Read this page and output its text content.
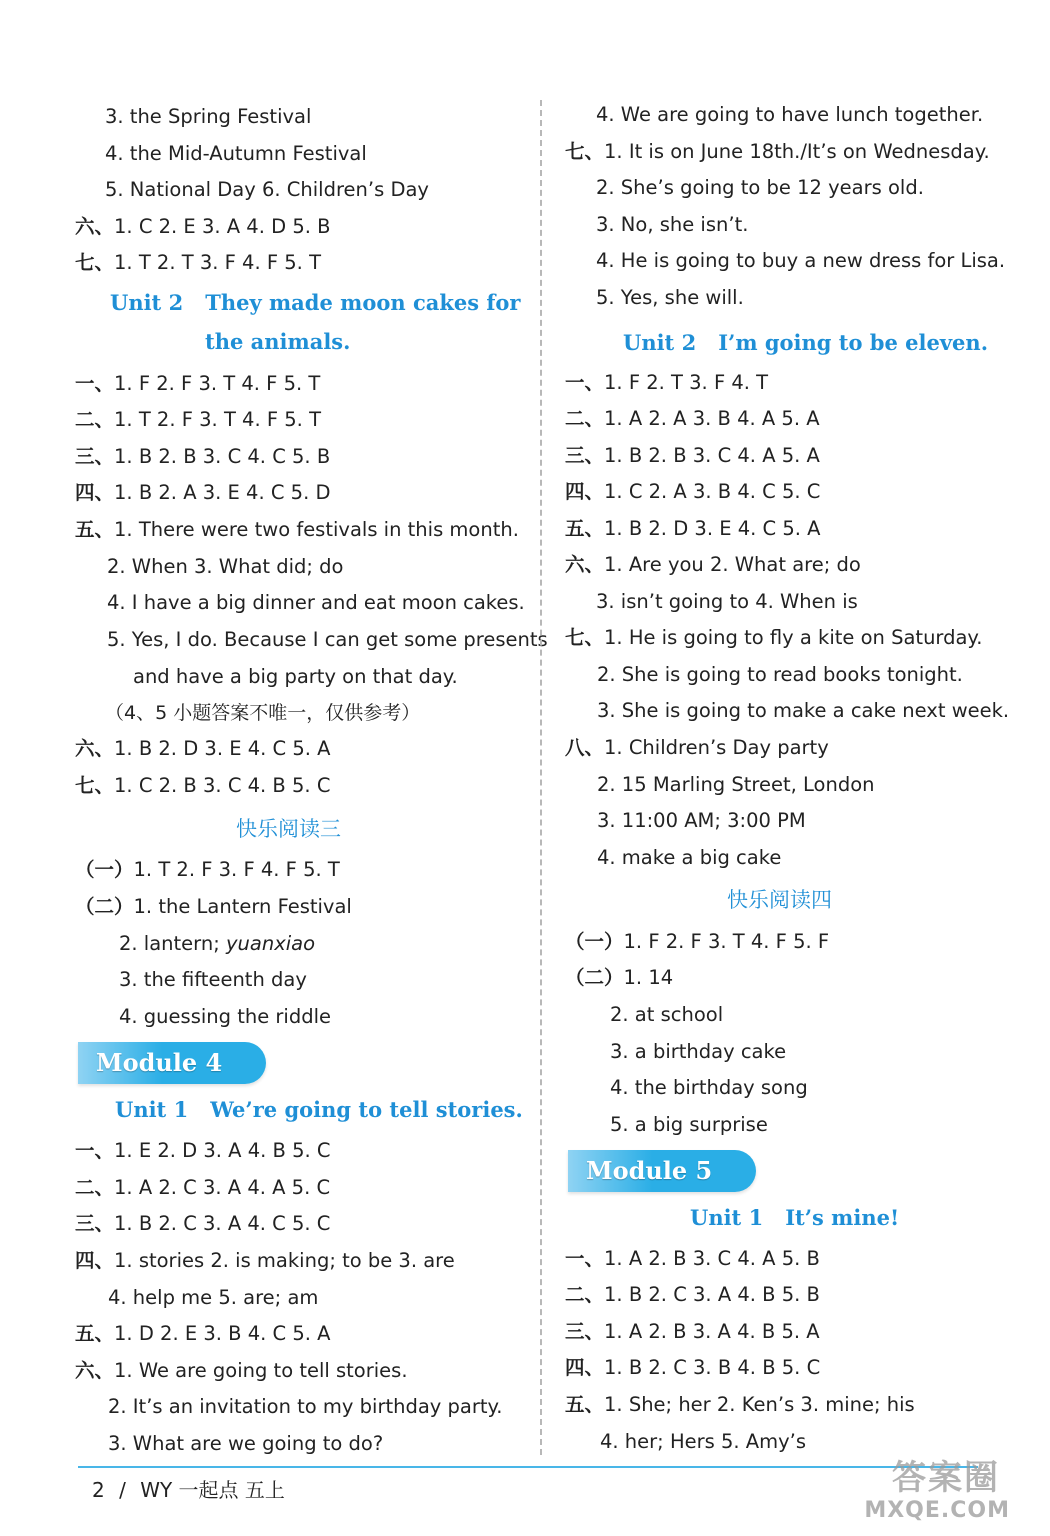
3. the Spring Festival
4. the Mid-Autumn Festival
5. National Day 6. Children’s Day
六、1. C 2. E 3. A 4. D 5. B
七、1. T 2. T 3. F 4. F 5. T
Unit 2 They made moon cakes for
the animals.
一、1. F 2. F 3. T 4. F 5. T
二、1. T 2. F 3. T 4. F 5. T
三、1. B 2. B 3. C 4. C 5. B
四、1. B 2. A 3. E 4. C 5. D
五、1. There were two festivals in this month.
2. When 3. What did; do
4. I have a big dinner and eat moon cakes.
5. Yes, I do. Because I can get some presents
and have a big party on that day.
（4、5 小题答案不唯一，仅供参考）
六、1. B 2. D 3. E 4. C 5. A
七、1. C 2. B 3. C 4. B 5. C
快乐阅读三
（一）1. T 2. F 3. F 4. F 5. T
（二）1. the Lantern Festival
2. lantern; yuanxiao
3. the fifteenth day
4. guessing the riddle
Module 4
Unit 1 We’re going to tell stories.
一、1. E 2. D 3. A 4. B 5. C
二、1. A 2. C 3. A 4. A 5. C
三、1. B 2. C 3. A 4. C 5. C
四、1. stories 2. is making; to be 3. are
4. help me 5. are; am
五、1. D 2. E 3. B 4. C 5. A
六、1. We are going to tell stories.
2. It’s an invitation to my birthday party.
3. What are we going to do?
4. We are going to have lunch together.
七、1. It is on June 18th./It’s on Wednesday.
2. She’s going to be 12 years old.
3. No, she isn’t.
4. He is going to buy a new dress for Lisa.
5. Yes, she will.
Unit 2 I’m going to be eleven.
一、1. F 2. T 3. F 4. T
二、1. A 2. A 3. B 4. A 5. A
三、1. B 2. B 3. C 4. A 5. A
四、1. C 2. A 3. B 4. C 5. C
五、1. B 2. D 3. E 4. C 5. A
六、1. Are you 2. What are; do
3. isn’t going to 4. When is
七、1. He is going to fly a kite on Saturday.
2. She is going to read books tonight.
3. She is going to make a cake next week.
八、1. Children’s Day party
2. 15 Marling Street, London
3. 11:00 AM; 3:00 PM
4. make a big cake
快乐阅读四
（一）1. F 2. F 3. T 4. F 5. F
（二）1. 14
2. at school
3. a birthday cake
4. the birthday song
5. a big surprise
Module 5
Unit 1 It’s mine!
一、1. A 2. B 3. C 4. A 5. B
二、1. B 2. C 3. A 4. B 5. B
三、1. A 2. B 3. A 4. B 5. A
四、1. B 2. C 3. B 4. B 5. C
五、1. She; her 2. Ken’s 3. mine; his
4. her; Hers 5. Amy’s
2 / WY 一起点 五上	答案圈
MXQE.COM
